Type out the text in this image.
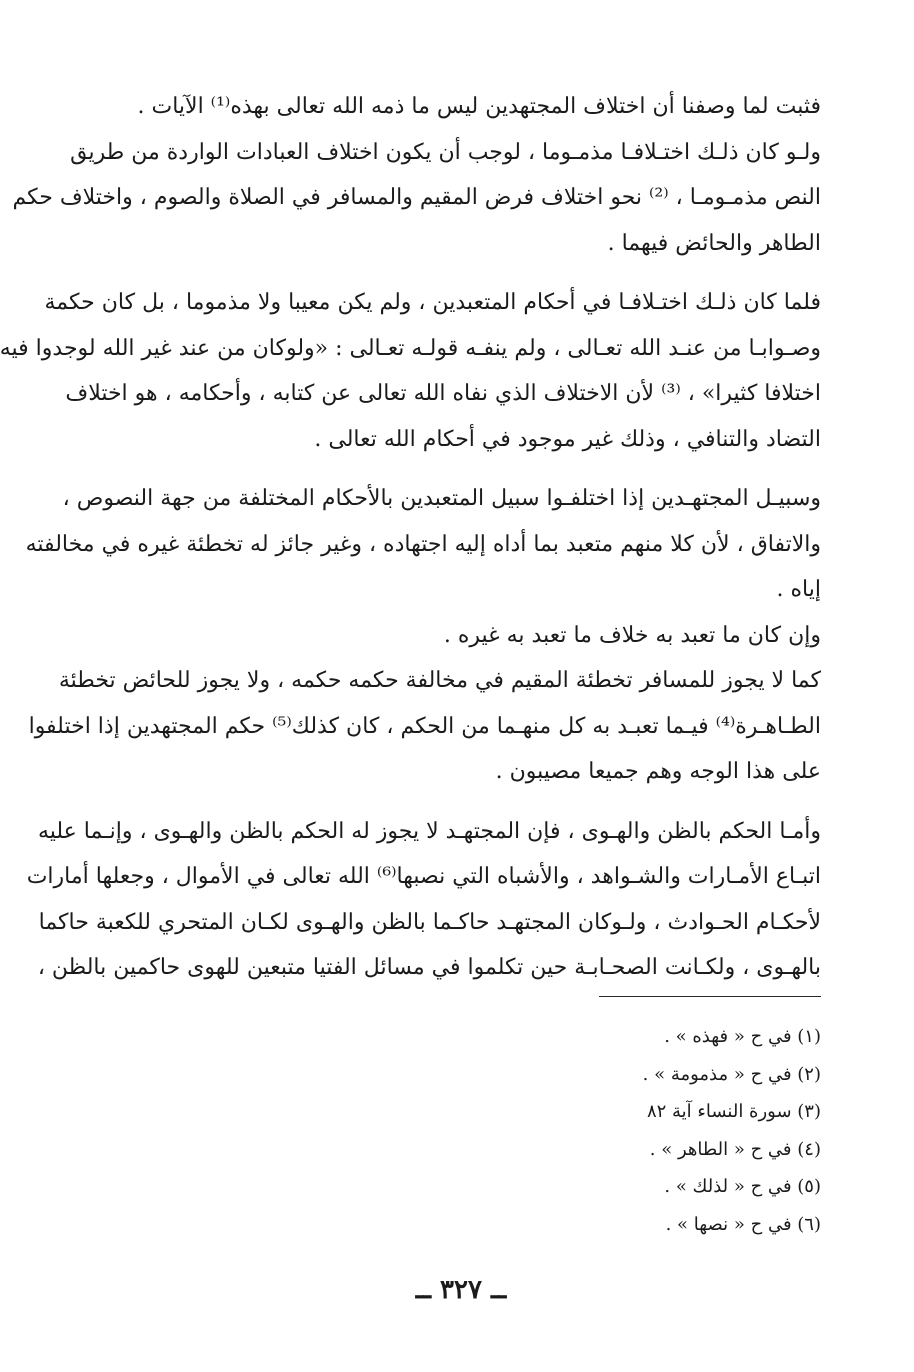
فثبت لما وصفنا أن اختلاف المجتهدين ليس ما ذمه الله تعالى بهذه⁽¹⁾ الآيات .
ولـو كان ذلـك اختـلافـا مذمـوما ، لوجب أن يكون اختلاف العبادات الواردة من طريق
النص مذمـومـا ، ⁽²⁾ نحو اختلاف فرض المقيم والمسافر في الصلاة والصوم ، واختلاف حكم
الطاهر والحائض فيهما .
فلما كان ذلـك اختـلافـا في أحكام المتعبدين ، ولم يكن معيبا ولا مذموما ، بل كان حكمة
وصـوابـا من عنـد الله تعـالى ، ولم ينفـه قولـه تعـالى : «ولوكان من عند غير الله لوجدوا فيه
اختلافا كثيرا» ، ⁽³⁾ لأن الاختلاف الذي نفاه الله تعالى عن كتابه ، وأحكامه ، هو اختلاف
التضاد والتنافي ، وذلك غير موجود في أحكام الله تعالى .
وسبيـل المجتهـدين إذا اختلفـوا سبيل المتعبدين بالأحكام المختلفة من جهة النصوص ،
والاتفاق ، لأن كلا منهم متعبد بما أداه إليه اجتهاده ، وغير جائز له تخطئة غيره في مخالفته
إياه .
وإن كان ما تعبد به خلاف ما تعبد به غيره .
كما لا يجوز للمسافر تخطئة المقيم في مخالفة حكمه حكمه ، ولا يجوز للحائض تخطئة
الطـاهـرة⁽⁴⁾ فيـما تعبـد به كل منهـما من الحكم ، كان كذلك⁽⁵⁾ حكم المجتهدين إذا اختلفوا
على هذا الوجه وهم جميعا مصيبون .
وأمـا الحكم بالظن والهـوى ، فإن المجتهـد لا يجوز له الحكم بالظن والهـوى ، وإنـما عليه
اتبـاع الأمـارات والشـواهد ، والأشباه التي نصبها⁽⁶⁾ الله تعالى في الأموال ، وجعلها أمارات
لأحكـام الحـوادث ، ولـوكان المجتهـد حاكـما بالظن والهـوى لكـان المتحري للكعبة حاكما
بالهـوى ، ولكـانت الصحـابـة حين تكلموا في مسائل الفتيا متبعين للهوى حاكمين بالظن ،
(١) في ح « فهذه » .
(٢) في ح « مذمومة » .
(٣) سورة النساء آية ٨٢
(٤) في ح « الطاهر » .
(٥) في ح « لذلك » .
(٦) في ح « نصها » .
ــ ٣٢٧ ــ
